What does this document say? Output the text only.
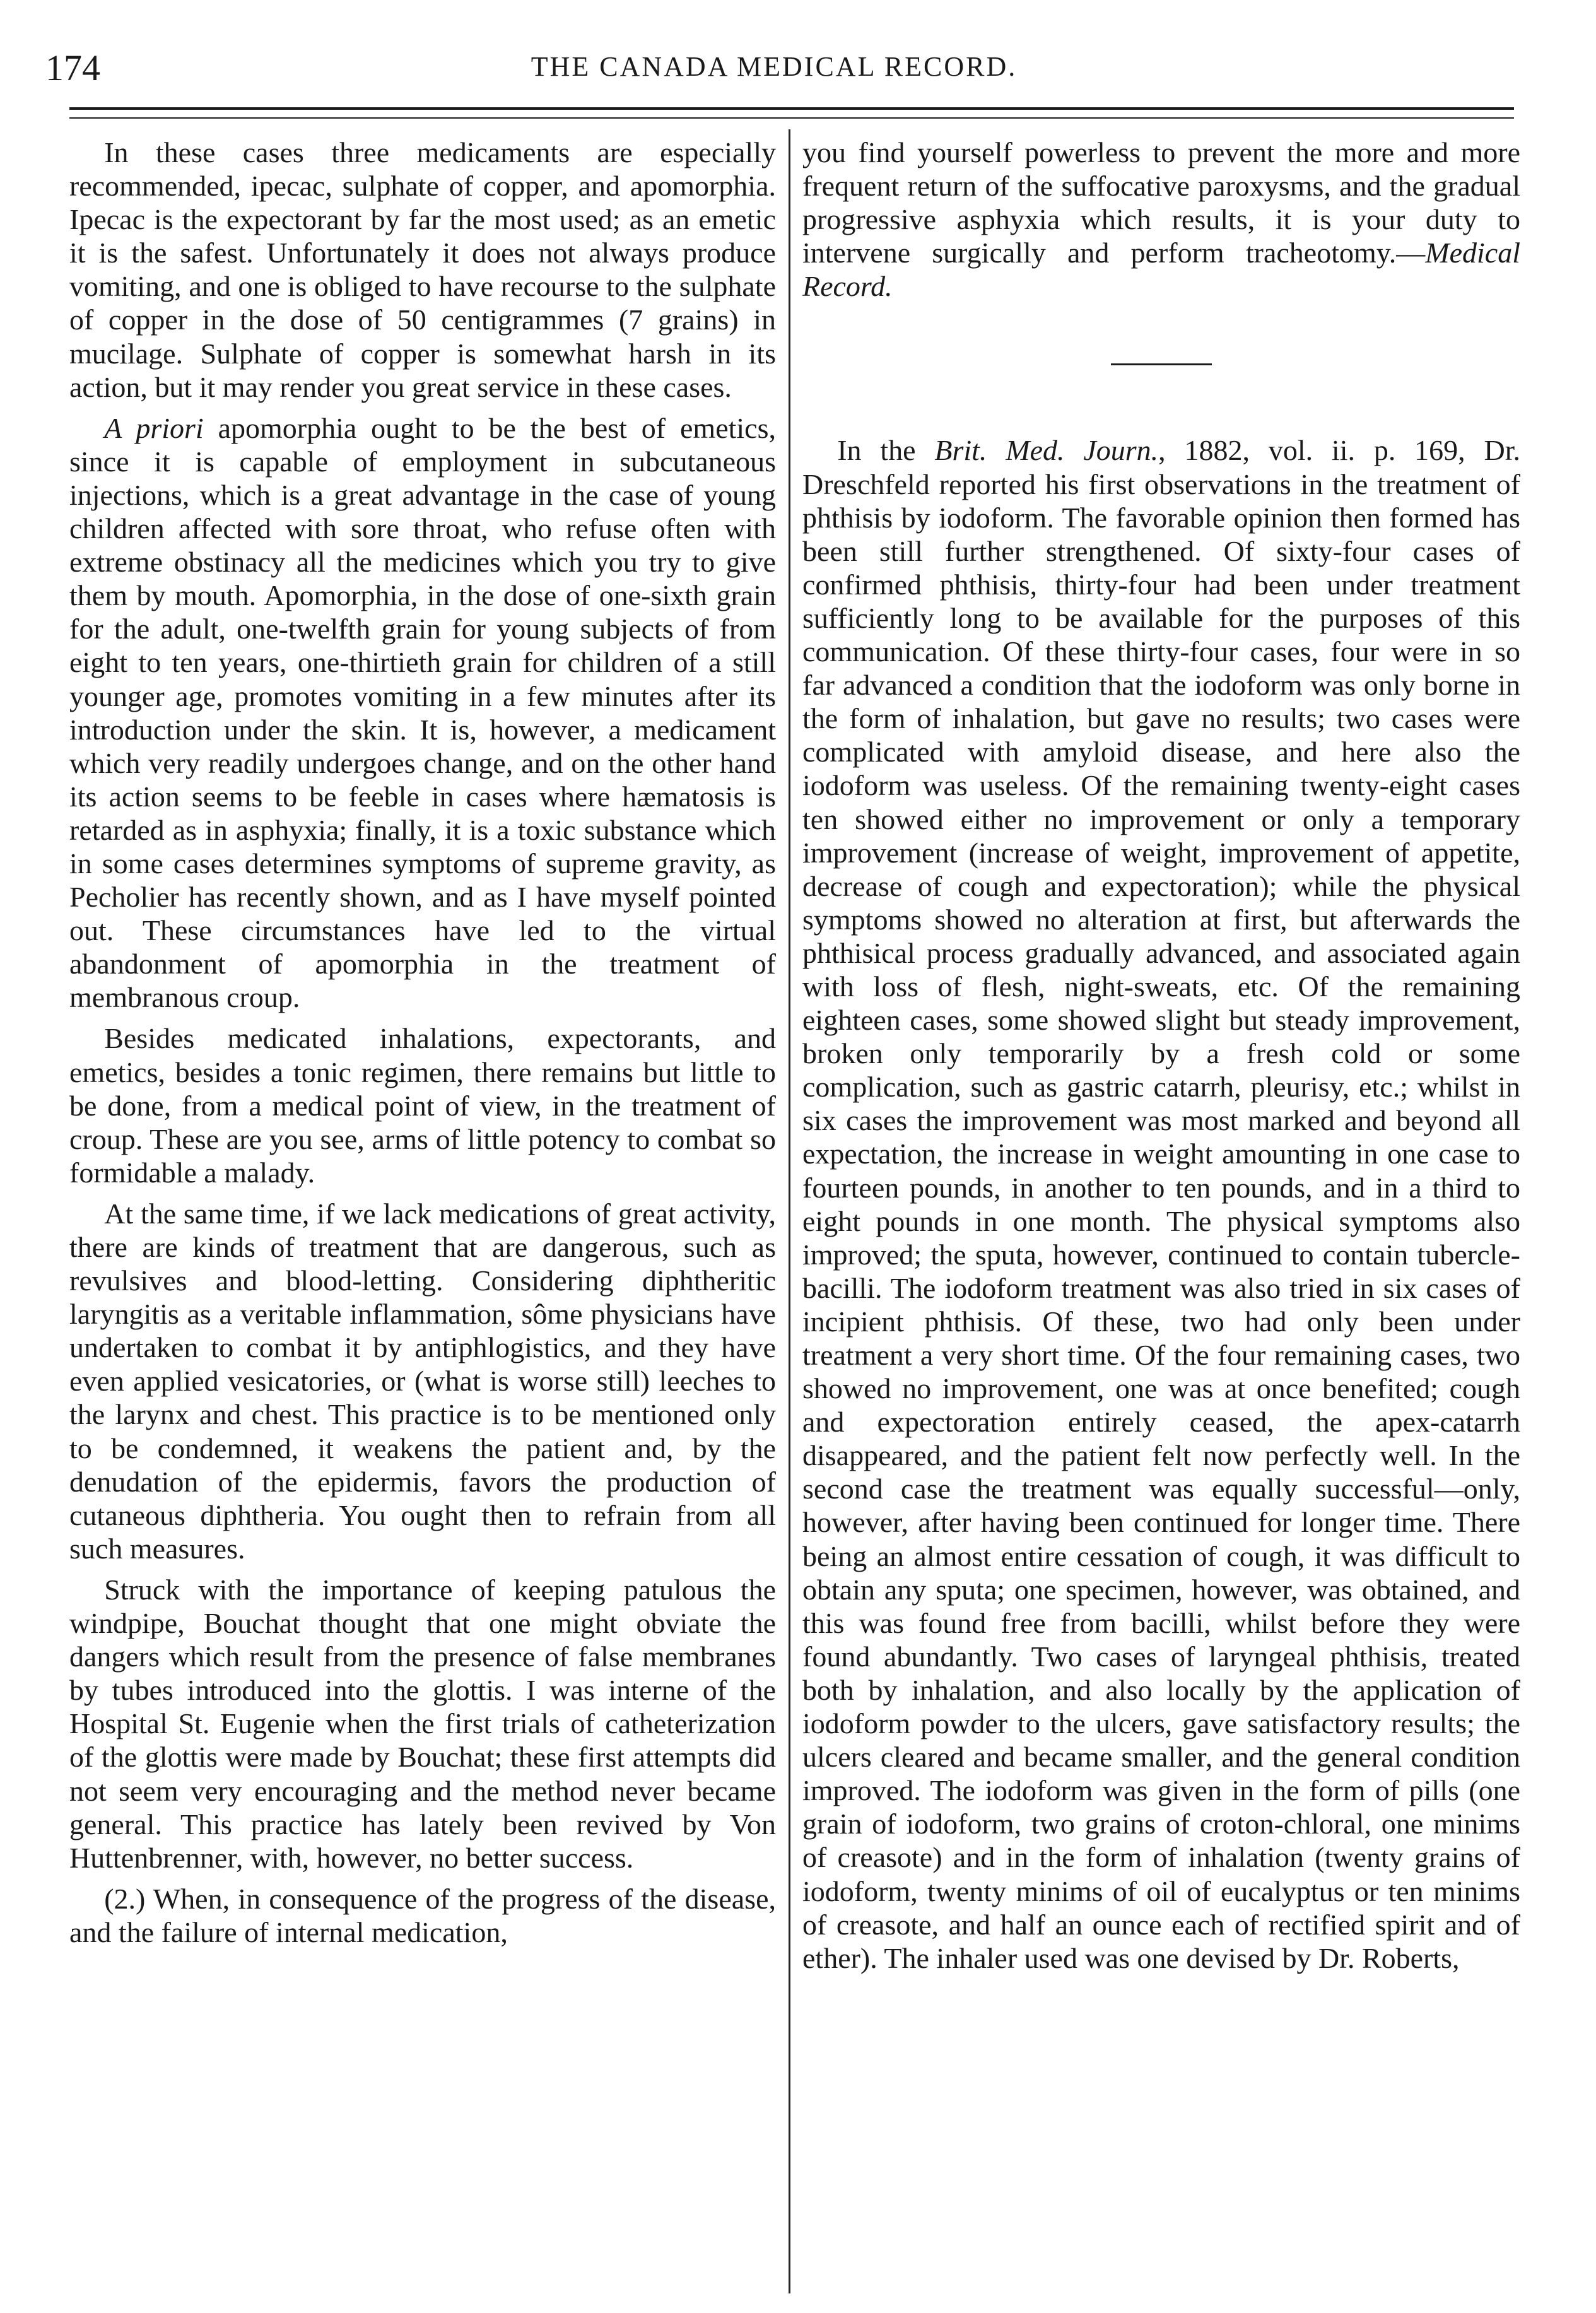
174	THE CANADA MEDICAL RECORD.

In these cases three medicaments are especially recommended, ipecac, sulphate of copper, and apomorphia. Ipecac is the expectorant by far the most used; as an emetic it is the safest. Unfortunately it does not always produce vomiting, and one is obliged to have recourse to the sulphate of copper in the dose of 50 centigrammes (7 grains) in mucilage. Sulphate of copper is somewhat harsh in its action, but it may render you great service in these cases.

A priori apomorphia ought to be the best of emetics, since it is capable of employment in subcutaneous injections, which is a great advantage in the case of young children affected with sore throat, who refuse often with extreme obstinacy all the medicines which you try to give them by mouth. Apomorphia, in the dose of one-sixth grain for the adult, one-twelfth grain for young subjects of from eight to ten years, one-thirtieth grain for children of a still younger age, promotes vomiting in a few minutes after its introduction under the skin. It is, however, a medicament which very readily undergoes change, and on the other hand its action seems to be feeble in cases where hæmatosis is retarded as in asphyxia; finally, it is a toxic substance which in some cases determines symptoms of supreme gravity, as Pecholier has recently shown, and as I have myself pointed out. These circumstances have led to the virtual abandonment of apomorphia in the treatment of membranous croup.

Besides medicated inhalations, expectorants, and emetics, besides a tonic regimen, there remains but little to be done, from a medical point of view, in the treatment of croup. These are you see, arms of little potency to combat so formidable a malady.

At the same time, if we lack medications of great activity, there are kinds of treatment that are dangerous, such as revulsives and blood-letting. Considering diphtheritic laryngitis as a veritable inflammation, sôme physicians have undertaken to combat it by antiphlogistics, and they have even applied vesicatories, or (what is worse still) leeches to the larynx and chest. This practice is to be mentioned only to be condemned, it weakens the patient and, by the denudation of the epidermis, favors the production of cutaneous diphtheria. You ought then to refrain from all such measures.

Struck with the importance of keeping patulous the windpipe, Bouchat thought that one might obviate the dangers which result from the presence of false membranes by tubes introduced into the glottis. I was interne of the Hospital St. Eugenie when the first trials of catheterization of the glottis were made by Bouchat; these first attempts did not seem very encouraging and the method never became general. This practice has lately been revived by Von Huttenbrenner, with, however, no better success.

(2.) When, in consequence of the progress of the disease, and the failure of internal medication,

you find yourself powerless to prevent the more and more frequent return of the suffocative paroxysms, and the gradual progressive asphyxia which results, it is your duty to intervene surgically and perform tracheotomy.—Medical Record.

In the Brit. Med. Journ., 1882, vol. ii. p. 169, Dr. Dreschfeld reported his first observations in the treatment of phthisis by iodoform. The favorable opinion then formed has been still further strengthened. Of sixty-four cases of confirmed phthisis, thirty-four had been under treatment sufficiently long to be available for the purposes of this communication. Of these thirty-four cases, four were in so far advanced a condition that the iodoform was only borne in the form of inhalation, but gave no results; two cases were complicated with amyloid disease, and here also the iodoform was useless. Of the remaining twenty-eight cases ten showed either no improvement or only a temporary improvement (increase of weight, improvement of appetite, decrease of cough and expectoration); while the physical symptoms showed no alteration at first, but afterwards the phthisical process gradually advanced, and associated again with loss of flesh, night-sweats, etc. Of the remaining eighteen cases, some showed slight but steady improvement, broken only temporarily by a fresh cold or some complication, such as gastric catarrh, pleurisy, etc.; whilst in six cases the improvement was most marked and beyond all expectation, the increase in weight amounting in one case to fourteen pounds, in another to ten pounds, and in a third to eight pounds in one month. The physical symptoms also improved; the sputa, however, continued to contain tubercle-bacilli. The iodoform treatment was also tried in six cases of incipient phthisis. Of these, two had only been under treatment a very short time. Of the four remaining cases, two showed no improvement, one was at once benefited; cough and expectoration entirely ceased, the apex-catarrh disappeared, and the patient felt now perfectly well. In the second case the treatment was equally successful—only, however, after having been continued for longer time. There being an almost entire cessation of cough, it was difficult to obtain any sputa; one specimen, however, was obtained, and this was found free from bacilli, whilst before they were found abundantly. Two cases of laryngeal phthisis, treated both by inhalation, and also locally by the application of iodoform powder to the ulcers, gave satisfactory results; the ulcers cleared and became smaller, and the general condition improved. The iodoform was given in the form of pills (one grain of iodoform, two grains of croton-chloral, one minims of creasote) and in the form of inhalation (twenty grains of iodoform, twenty minims of oil of eucalyptus or ten minims of creasote, and half an ounce each of rectified spirit and of ether). The inhaler used was one devised by Dr. Roberts,
